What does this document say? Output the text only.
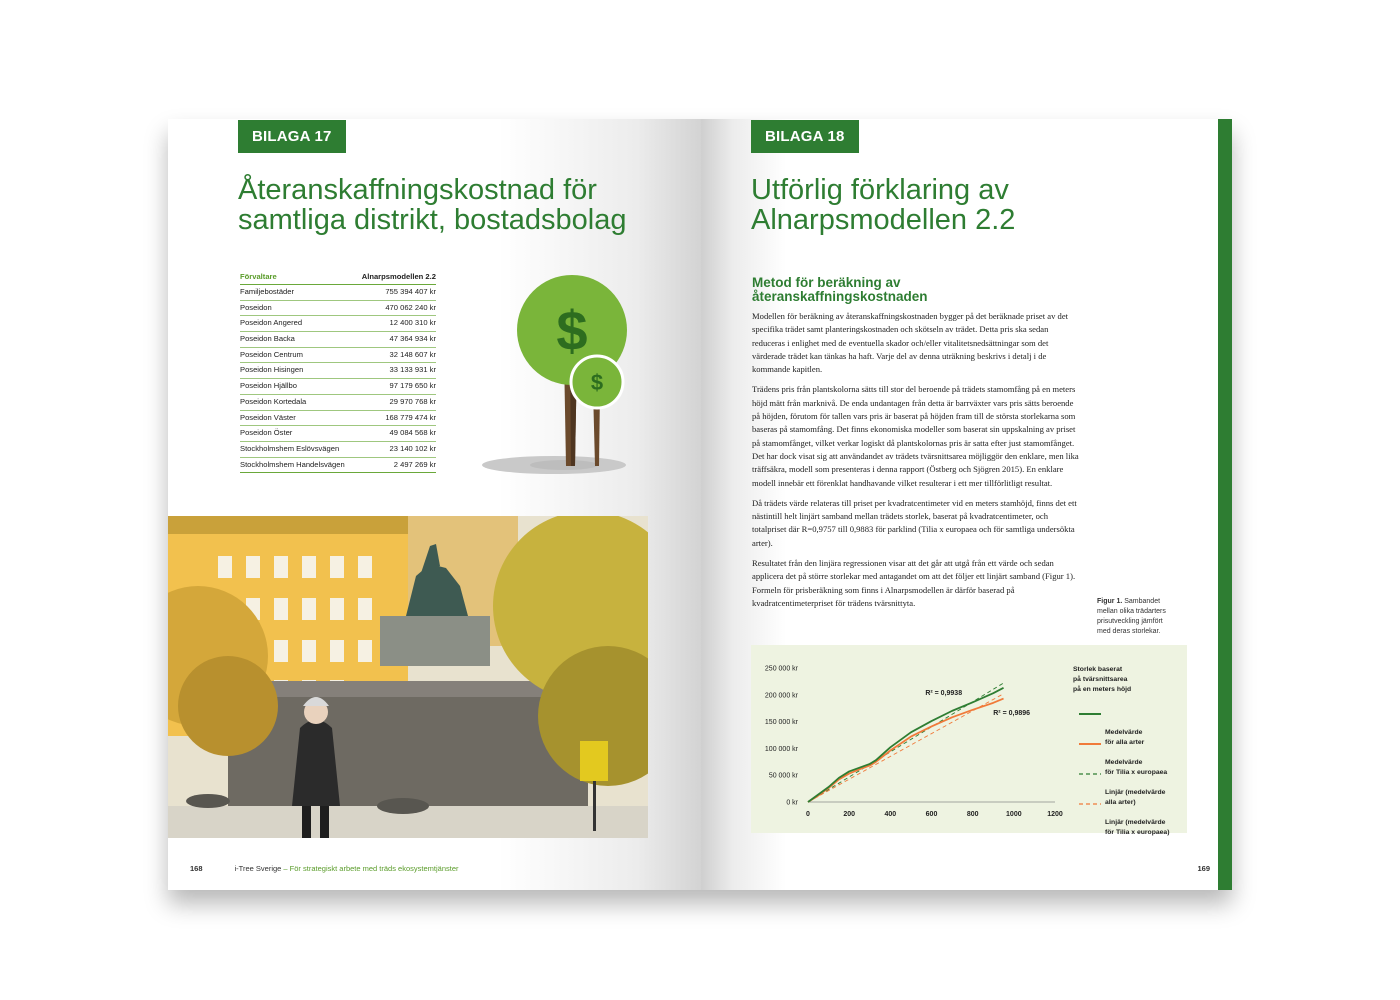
BILAGA 17
Återanskaffningskostnad för
samtliga distrikt, bostadsbolag
Förvaltare	Alnarpsmodellen 2.2
Familjebostäder	755 394 407 kr
Poseidon	470 062 240 kr
Poseidon Angered	12 400 310 kr
Poseidon Backa	47 364 934 kr
Poseidon Centrum	32 148 607 kr
Poseidon Hisingen	33 133 931 kr
Poseidon Hjällbo	97 179 650 kr
Poseidon Kortedala	29 970 768 kr
Poseidon Väster	168 779 474 kr
Poseidon Öster	49 084 568 kr
Stockholmshem Eslövsvägen	23 140 102 kr
Stockholmshem Handelsvägen	2 497 269 kr
$
$
168	i-Tree Sverige – För strategiskt arbete med träds ekosystemtjänster
BILAGA 18
Utförlig förklaring av
Alnarpsmodellen 2.2
Metod för beräkning av återanskaffningskostnaden

Modellen för beräkning av återanskaffningskostnaden bygger på det beräknade priset av det specifika trädet samt planteringskostnaden och skötseln av trädet. Detta pris ska sedan reduceras i enlighet med de eventuella skador och/eller vitalitetsnedsättningar som det värderade trädet kan tänkas ha haft. Varje del av denna uträkning beskrivs i detalj i de kommande kapitlen.

Trädens pris från plantskolorna sätts till stor del beroende på trädets stamomfång på en meters höjd mätt från marknivå. De enda undantagen från detta är barrväxter vars pris sätts beroende på höjden, förutom för tallen vars pris är baserat på höjden fram till de största storlekarna som baseras på stamomfång. Det finns ekonomiska modeller som baserat sin uppskalning av priset på stamomfånget, vilket verkar logiskt då plantskolornas pris är satta efter just stamomfånget. Det har dock visat sig att användandet av trädets tvärsnittsarea möjliggör den enklare, men lika träffsäkra, modell som presenteras i denna rapport (Östberg och Sjögren 2015). En enklare modell innebär ett förenklat handhavande vilket resulterar i ett mer tillförlitligt resultat.

Då trädets värde relateras till priset per kvadratcentimeter vid en meters stamhöjd, finns det ett nästintill helt linjärt samband mellan trädets storlek, baserat på kvadratcentimeter, och totalpriset där R=0,9757 till 0,9883 för parklind (Tilia x europaea och för samtliga undersökta arter).

Resultatet från den linjära regressionen visar att det går att utgå från ett värde och sedan applicera det på större storlekar med antagandet om att det följer ett linjärt samband (Figur 1). Formeln för prisberäkning som finns i Alnarpsmodellen är därför baserad på kvadratcentimeterpriset för trädens tvärsnittyta.	Figur 1. Sambandet mellan olika trädarters prisutveckling jämfört med deras storlekar.
0 kr
50 000 kr
100 000 kr
150 000 kr
200 000 kr
250 000 kr
0	200	400	600	800	1000	1200
R² = 0,9938
R² = 0,9896
Storlek baserat
på tvärsnittsarea
på en meters höjd

Medelvärde
för alla arter

Medelvärde
för Tilia x europaea

Linjär (medelvärde
alla arter)

Linjär (medelvärde
för Tilia x europaea)

169
